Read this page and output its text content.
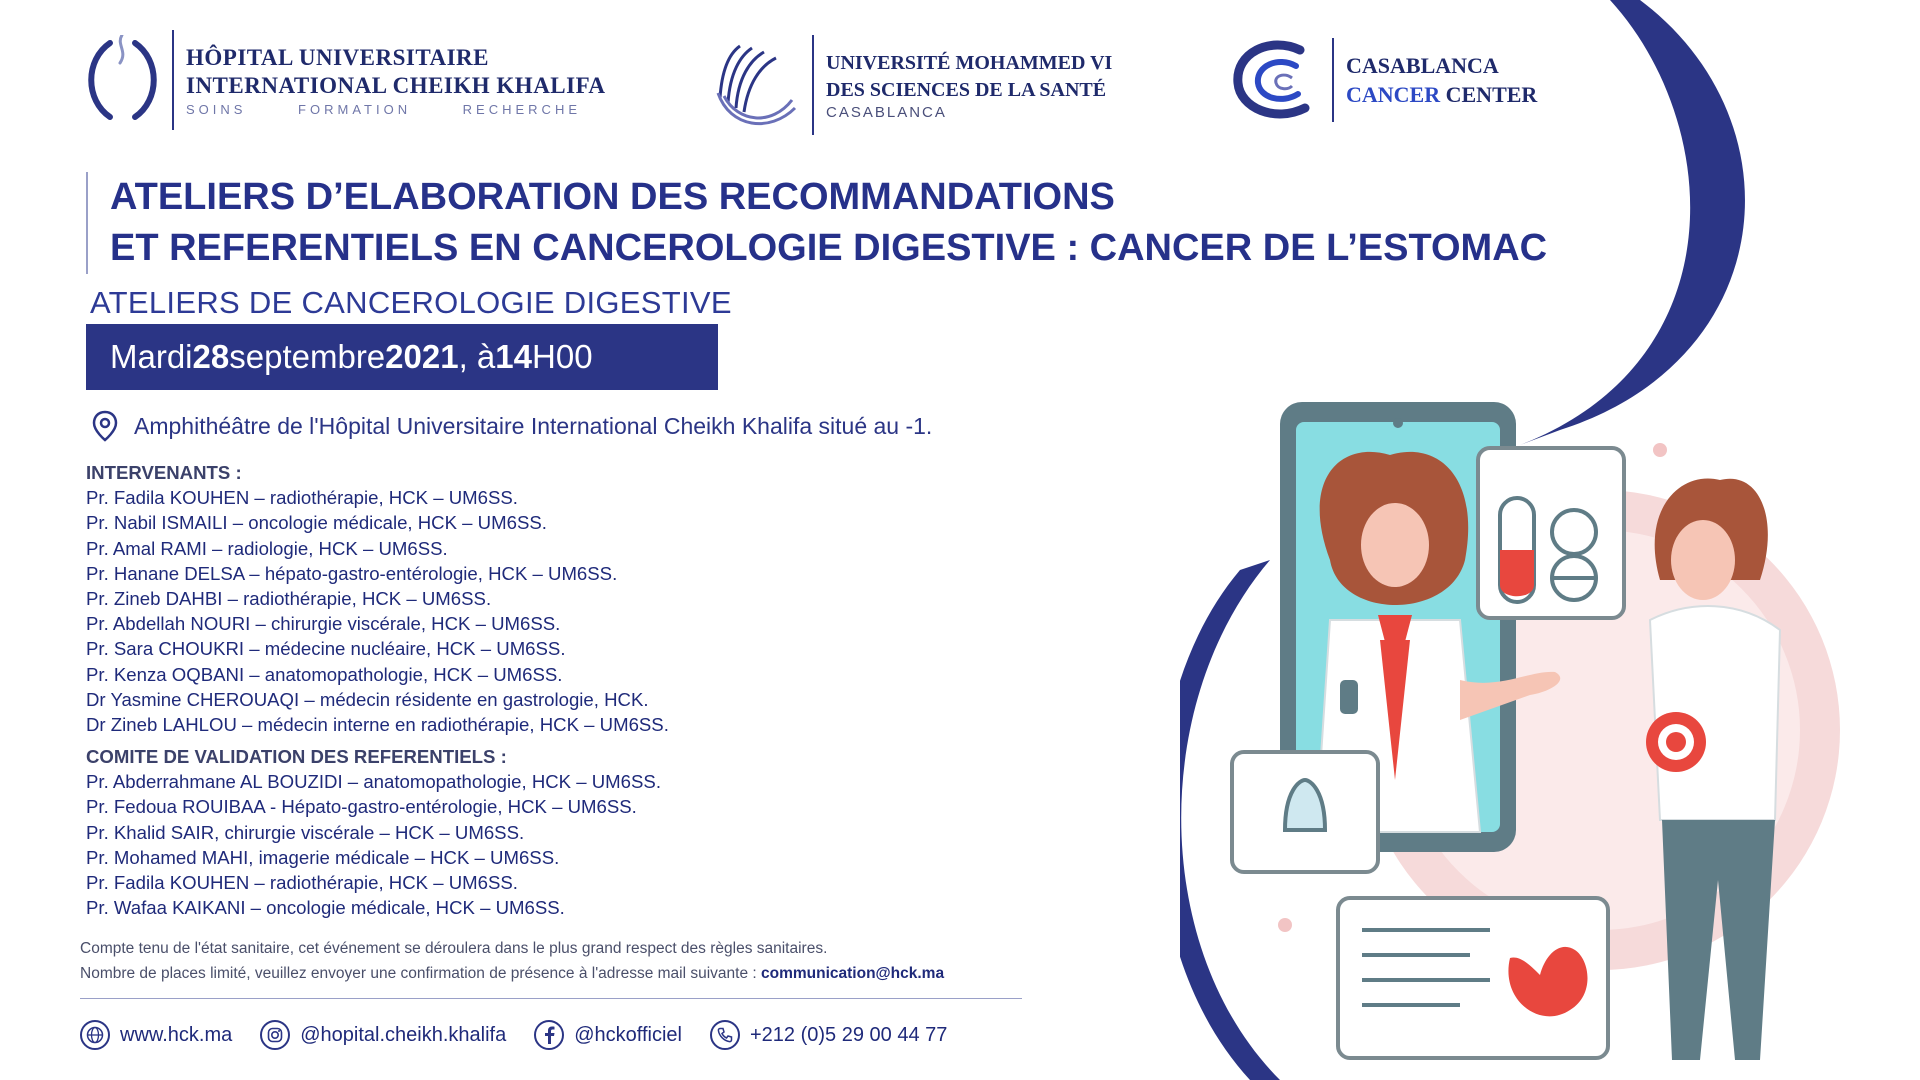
HÔPITAL UNIVERSITAIRE
INTERNATIONAL CHEIKH KHALIFA
SOINS	FORMATION	RECHERCHE
UNIVERSITÉ MOHAMMED VI
DES SCIENCES DE LA SANTÉ
CASABLANCA
CASABLANCA
CANCER CENTER
ATELIERS D’ELABORATION DES RECOMMANDATIONS
ET REFERENTIELS EN CANCEROLOGIE DIGESTIVE : CANCER DE L’ESTOMAC
ATELIERS DE CANCEROLOGIE DIGESTIVE
Mardi 28 septembre 2021 , à 14 H00
Amphithéâtre de l'Hôpital Universitaire International Cheikh Khalifa situé au -1.
INTERVENANTS :
Pr. Fadila KOUHEN – radiothérapie, HCK – UM6SS.
Pr. Nabil ISMAILI – oncologie médicale, HCK – UM6SS.
Pr. Amal RAMI – radiologie, HCK – UM6SS.
Pr. Hanane DELSA – hépato-gastro-entérologie, HCK – UM6SS.
Pr. Zineb DAHBI – radiothérapie, HCK – UM6SS.
Pr. Abdellah NOURI – chirurgie viscérale, HCK – UM6SS.
Pr. Sara CHOUKRI – médecine nucléaire, HCK – UM6SS.
Pr. Kenza OQBANI – anatomopathologie, HCK – UM6SS.
Dr Yasmine CHEROUAQI – médecin résidente en gastrologie, HCK.
Dr Zineb LAHLOU – médecin interne en radiothérapie, HCK – UM6SS.
COMITE DE VALIDATION DES REFERENTIELS :
Pr. Abderrahmane AL BOUZIDI – anatomopathologie, HCK – UM6SS.
Pr. Fedoua ROUIBAA - Hépato-gastro-entérologie, HCK – UM6SS.
Pr. Khalid SAIR, chirurgie viscérale – HCK – UM6SS.
Pr. Mohamed MAHI, imagerie médicale – HCK – UM6SS.
Pr. Fadila KOUHEN – radiothérapie, HCK – UM6SS.
Pr. Wafaa KAIKANI – oncologie médicale, HCK – UM6SS.
Compte tenu de l'état sanitaire, cet événement se déroulera dans le plus grand respect des règles sanitaires.
Nombre de places limité, veuillez envoyer une confirmation de présence à l'adresse mail suivante : communication@hck.ma
www.hck.ma	@hopital.cheikh.khalifa	@hckofficiel	+212 (0)5 29 00 44 77
